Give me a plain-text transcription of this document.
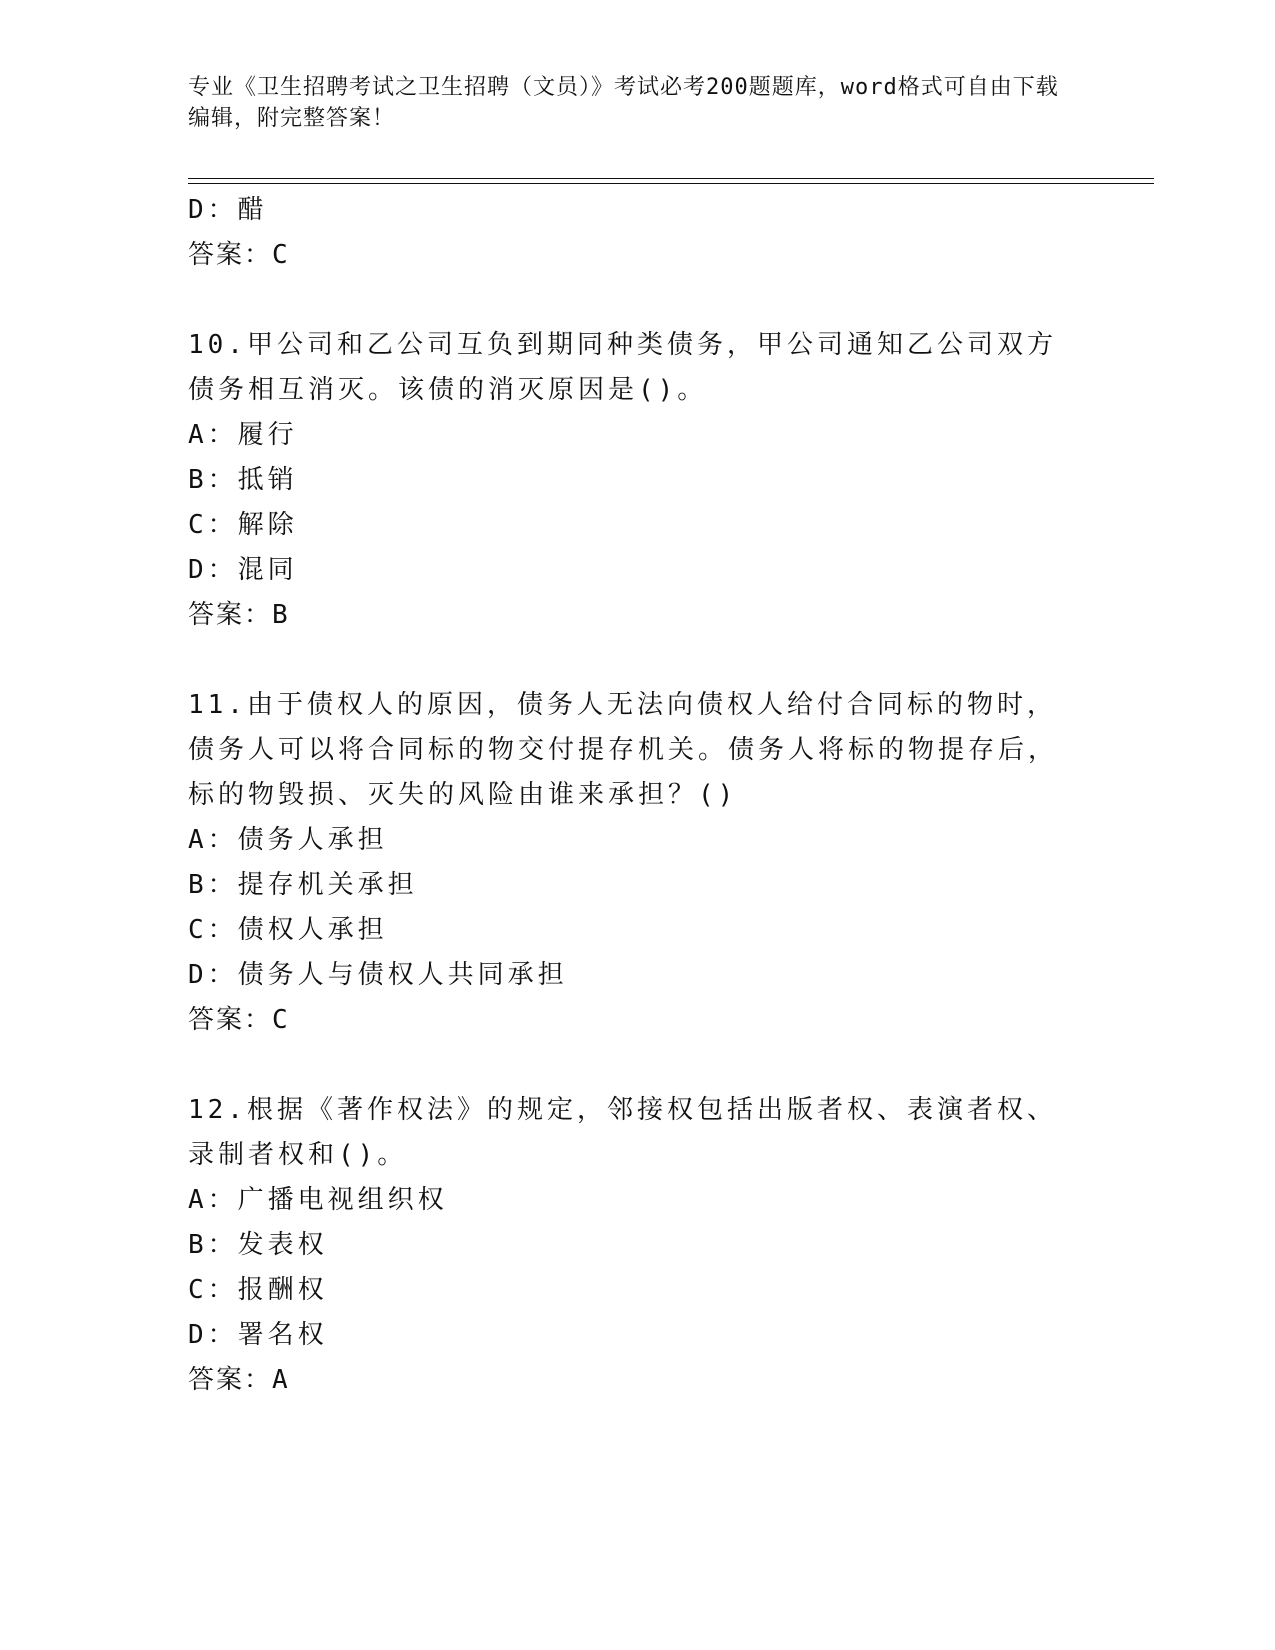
专业《卫生招聘考试之卫生招聘（文员）》考试必考200题题库，word格式可自由下载编辑，附完整答案！
D：醋
答案：C
10.甲公司和乙公司互负到期同种类债务，甲公司通知乙公司双方债务相互消灭。该债的消灭原因是()。
A：履行
B：抵销
C：解除
D：混同
答案：B
11.由于债权人的原因，债务人无法向债权人给付合同标的物时，债务人可以将合同标的物交付提存机关。债务人将标的物提存后，标的物毁损、灭失的风险由谁来承担？()
A：债务人承担
B：提存机关承担
C：债权人承担
D：债务人与债权人共同承担
答案：C
12.根据《著作权法》的规定，邻接权包括出版者权、表演者权、录制者权和()。
A：广播电视组织权
B：发表权
C：报酬权
D：署名权
答案：A
